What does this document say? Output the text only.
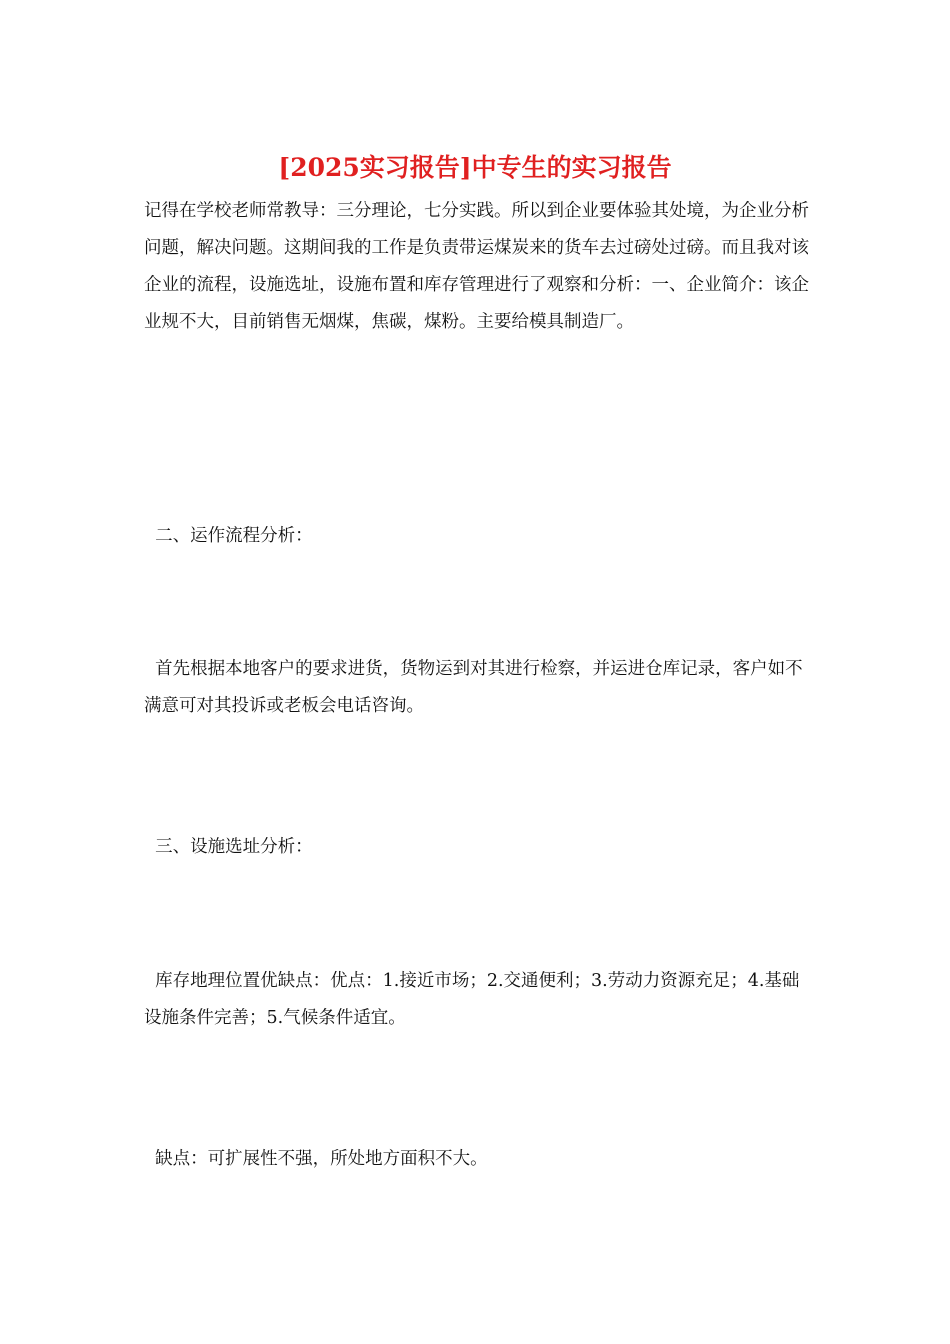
[2025实习报告]中专生的实习报告
记得在学校老师常教导：三分理论，七分实践。所以到企业要体验其处境，为企业分析问题，解决问题。这期间我的工作是负责带运煤炭来的货车去过磅处过磅。而且我对该企业的流程，设施选址，设施布置和库存管理进行了观察和分析：一、企业简介：该企业规不大，目前销售无烟煤，焦碳，煤粉。主要给模具制造厂。
二、运作流程分析：
首先根据本地客户的要求进货，货物运到对其进行检察，并运进仓库记录，客户如不满意可对其投诉或老板会电话咨询。
三、设施选址分析：
库存地理位置优缺点：优点：1.接近市场；2.交通便利；3.劳动力资源充足；4.基础设施条件完善；5.气候条件适宜。
缺点：可扩展性不强，所处地方面积不大。
